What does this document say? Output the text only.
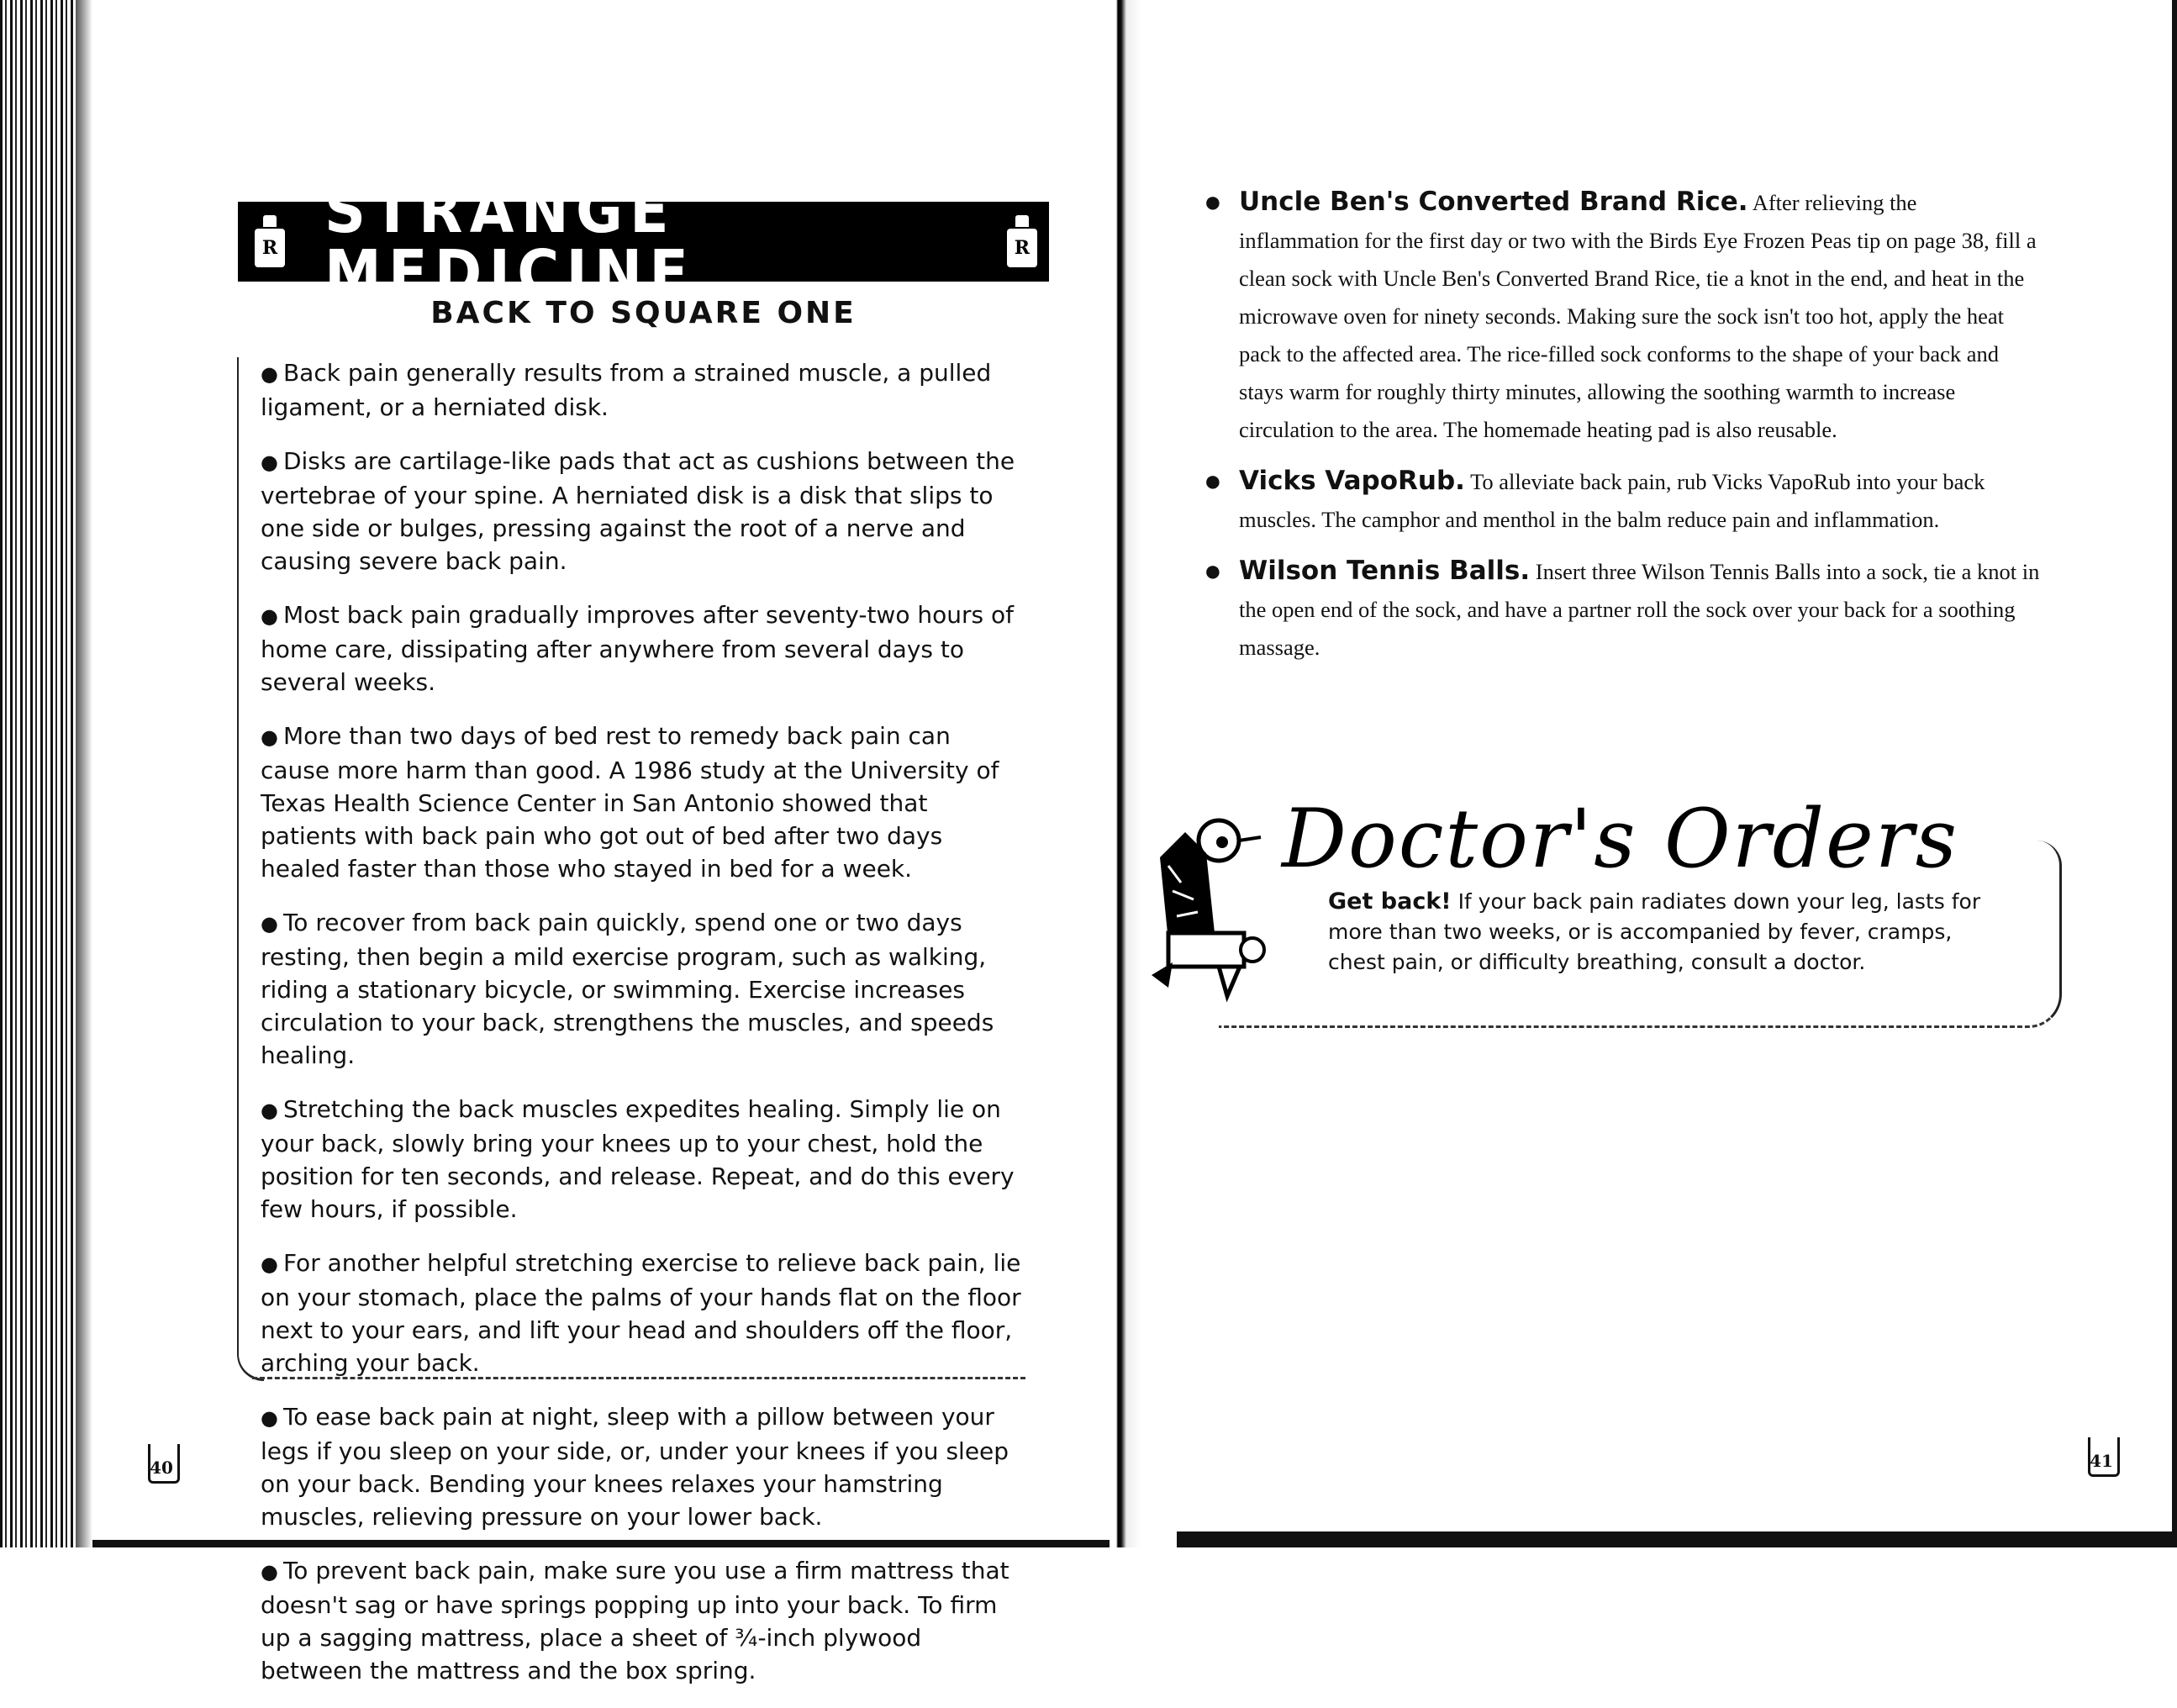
R
STRANGE MEDICINE	R
BACK TO SQUARE ONE

● Back pain generally results from a strained muscle, a pulled ligament, or a herniated disk.

● Disks are cartilage-like pads that act as cushions between the vertebrae of your spine. A herniated disk is a disk that slips to one side or bulges, pressing against the root of a nerve and causing severe back pain.

● Most back pain gradually improves after seventy-two hours of home care, dissipating after anywhere from several days to several weeks.

● More than two days of bed rest to remedy back pain can cause more harm than good. A 1986 study at the University of Texas Health Science Center in San Antonio showed that patients with back pain who got out of bed after two days healed faster than those who stayed in bed for a week.

● To recover from back pain quickly, spend one or two days resting, then begin a mild exercise program, such as walking, riding a stationary bicycle, or swimming. Exercise increases circulation to your back, strengthens the muscles, and speeds healing.

● Stretching the back muscles expedites healing. Simply lie on your back, slowly bring your knees up to your chest, hold the position for ten seconds, and release. Repeat, and do this every few hours, if possible.

● For another helpful stretching exercise to relieve back pain, lie on your stomach, place the palms of your hands flat on the floor next to your ears, and lift your head and shoulders off the floor, arching your back.

● To ease back pain at night, sleep with a pillow between your legs if you sleep on your side, or, under your knees if you sleep on your back. Bending your knees relaxes your hamstring muscles, relieving pressure on your lower back.

● To prevent back pain, make sure you use a firm mattress that doesn't sag or have springs popping up into your back. To firm up a sagging mattress, place a sheet of ¾-inch plywood between the mattress and the box spring.

40
● Uncle Ben's Converted Brand Rice. After relieving the inflammation for the first day or two with the Birds Eye Frozen Peas tip on page 38, fill a clean sock with Uncle Ben's Converted Brand Rice, tie a knot in the end, and heat in the microwave oven for ninety seconds. Making sure the sock isn't too hot, apply the heat pack to the affected area. The rice-filled sock conforms to the shape of your back and stays warm for roughly thirty minutes, allowing the soothing warmth to increase circulation to the area. The homemade heating pad is also reusable.
● Vicks VapoRub. To alleviate back pain, rub Vicks VapoRub into your back muscles. The camphor and menthol in the balm reduce pain and inflammation.
● Wilson Tennis Balls. Insert three Wilson Tennis Balls into a sock, tie a knot in the open end of the sock, and have a partner roll the sock over your back for a soothing massage.
Doctor's Orders
Get back! If your back pain radiates down your leg, lasts for more than two weeks, or is accompanied by fever, cramps, chest pain, or difficulty breathing, consult a doctor.
41
